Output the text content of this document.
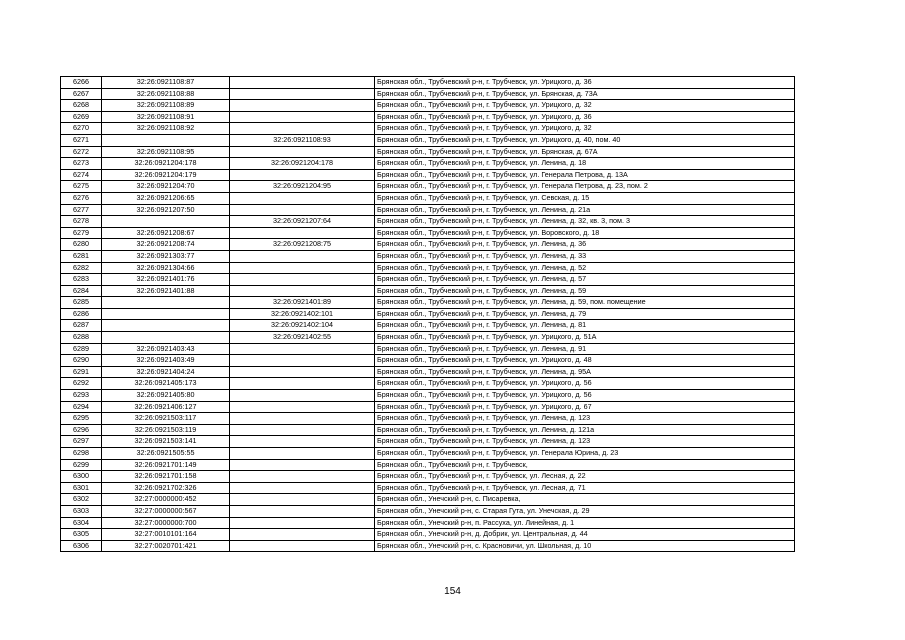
6266	32:26:0921108:87		Брянская обл., Трубчевский р-н, г. Трубчевск, ул. Урицкого, д. 36
6267	32:26:0921108:88		Брянская обл., Трубчевский р-н, г. Трубчевск, ул. Брянская, д. 73А
6268	32:26:0921108:89		Брянская обл., Трубчевский р-н, г. Трубчевск, ул. Урицкого, д. 32
6269	32:26:0921108:91		Брянская обл., Трубчевский р-н, г. Трубчевск, ул. Урицкого, д. 36
6270	32:26:0921108:92		Брянская обл., Трубчевский р-н, г. Трубчевск, ул. Урицкого, д. 32
6271		32:26:0921108:93	Брянская обл., Трубчевский р-н, г. Трубчевск, ул. Урицкого, д. 40, пом. 40
6272	32:26:0921108:95		Брянская обл., Трубчевский р-н, г. Трубчевск, ул. Брянская, д. 67А
6273	32:26:0921204:178	32:26:0921204:178	Брянская обл., Трубчевский р-н, г. Трубчевск, ул. Ленина, д. 18
6274	32:26:0921204:179		Брянская обл., Трубчевский р-н, г. Трубчевск, ул. Генерала Петрова, д. 13А
6275	32:26:0921204:70	32:26:0921204:95	Брянская обл., Трубчевский р-н, г. Трубчевск, ул. Генерала Петрова, д. 23, пом. 2
6276	32:26:0921206:65		Брянская обл., Трубчевский р-н, г. Трубчевск, ул. Севская, д. 15
6277	32:26:0921207:50		Брянская обл., Трубчевский р-н, г. Трубчевск, ул. Ленина, д. 21а
6278		32:26:0921207:64	Брянская обл., Трубчевский р-н, г. Трубчевск, ул. Ленина, д. 32, кв. 3, пом. 3
6279	32:26:0921208:67		Брянская обл., Трубчевский р-н, г. Трубчевск, ул. Воровского, д. 18
6280	32:26:0921208:74	32:26:0921208:75	Брянская обл., Трубчевский р-н, г. Трубчевск, ул. Ленина, д. 36
6281	32:26:0921303:77		Брянская обл., Трубчевский р-н, г. Трубчевск, ул. Ленина, д. 33
6282	32:26:0921304:66		Брянская обл., Трубчевский р-н, г. Трубчевск, ул. Ленина, д. 52
6283	32:26:0921401:76		Брянская обл., Трубчевский р-н, г. Трубчевск, ул. Ленина, д. 57
6284	32:26:0921401:88		Брянская обл., Трубчевский р-н, г. Трубчевск, ул. Ленина, д. 59
6285		32:26:0921401:89	Брянская обл., Трубчевский р-н, г. Трубчевск, ул. Ленина, д. 59, пом. помещение
6286		32:26:0921402:101	Брянская обл., Трубчевский р-н, г. Трубчевск, ул. Ленина, д. 79
6287		32:26:0921402:104	Брянская обл., Трубчевский р-н, г. Трубчевск, ул. Ленина, д. 81
6288		32:26:0921402:55	Брянская обл., Трубчевский р-н, г. Трубчевск, ул. Урицкого, д. 51А
6289	32:26:0921403:43		Брянская обл., Трубчевский р-н, г. Трубчевск, ул. Ленина, д. 91
6290	32:26:0921403:49		Брянская обл., Трубчевский р-н, г. Трубчевск, ул. Урицкого, д. 48
6291	32:26:0921404:24		Брянская обл., Трубчевский р-н, г. Трубчевск, ул. Ленина, д. 95А
6292	32:26:0921405:173		Брянская обл., Трубчевский р-н, г. Трубчевск, ул. Урицкого, д. 56
6293	32:26:0921405:80		Брянская обл., Трубчевский р-н, г. Трубчевск, ул. Урицкого, д. 56
6294	32:26:0921406:127		Брянская обл., Трубчевский р-н, г. Трубчевск, ул. Урицкого, д. 67
6295	32:26:0921503:117		Брянская обл., Трубчевский р-н, г. Трубчевск, ул. Ленина, д. 123
6296	32:26:0921503:119		Брянская обл., Трубчевский р-н, г. Трубчевск, ул. Ленина, д. 121а
6297	32:26:0921503:141		Брянская обл., Трубчевский р-н, г. Трубчевск, ул. Ленина, д. 123
6298	32:26:0921505:55		Брянская обл., Трубчевский р-н, г. Трубчевск, ул. Генерала Юрина, д. 23
6299	32:26:0921701:149		Брянская обл., Трубчевский р-н, г. Трубчевск,
6300	32:26:0921701:158		Брянская обл., Трубчевский р-н, г. Трубчевск, ул. Лесная, д. 22
6301	32:26:0921702:326		Брянская обл., Трубчевский р-н, г. Трубчевск, ул. Лесная, д. 71
6302	32:27:0000000:452		Брянская обл., Унечский р-н, с. Писаревка,
6303	32:27:0000000:567		Брянская обл., Унечский р-н, с. Старая Гута, ул. Унечская, д. 29
6304	32:27:0000000:700		Брянская обл., Унечский р-н, п. Рассуха, ул. Линейная, д. 1
6305	32:27:0010101:164		Брянская обл., Унечский р-н, д. Добрик, ул. Центральная, д. 44
6306	32:27:0020701:421		Брянская обл., Унечский р-н, с. Красновичи, ул. Школьная, д. 10
154
